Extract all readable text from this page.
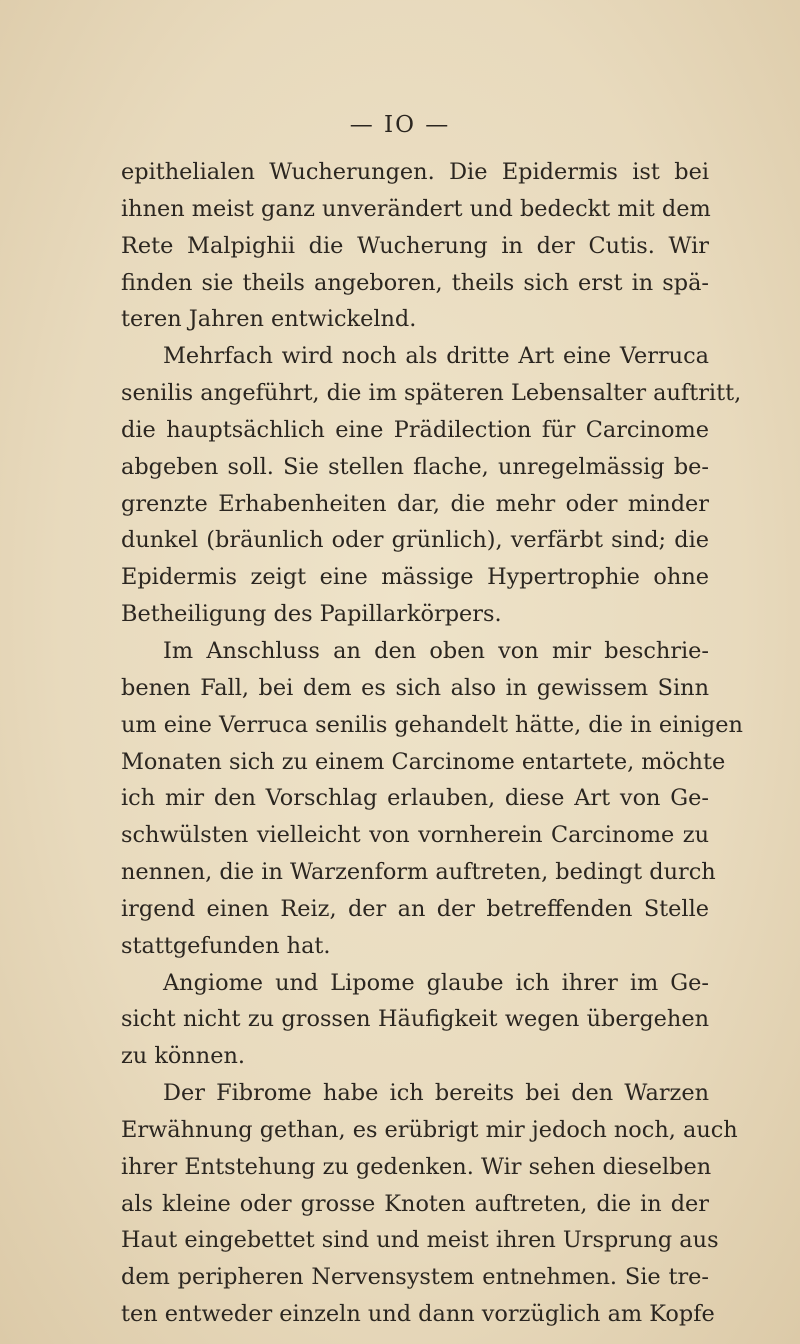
— IO —
epithelialen Wucherungen. Die Epidermis ist bei
ihnen meist ganz unverändert und bedeckt mit dem
Rete Malpighii die Wucherung in der Cutis. Wir
finden sie theils angeboren, theils sich erst in spä-
teren Jahren entwickelnd.
Mehrfach wird noch als dritte Art eine Verruca
senilis angeführt, die im späteren Lebensalter auftritt,
die hauptsächlich eine Prädilection für Carcinome
abgeben soll. Sie stellen flache, unregelmässig be-
grenzte Erhabenheiten dar, die mehr oder minder
dunkel (bräunlich oder grünlich), verfärbt sind; die
Epidermis zeigt eine mässige Hypertrophie ohne
Betheiligung des Papillarkörpers.
Im Anschluss an den oben von mir beschrie-
benen Fall, bei dem es sich also in gewissem Sinn
um eine Verruca senilis gehandelt hätte, die in einigen
Monaten sich zu einem Carcinome entartete, möchte
ich mir den Vorschlag erlauben, diese Art von Ge-
schwülsten vielleicht von vornherein Carcinome zu
nennen, die in Warzenform auftreten, bedingt durch
irgend einen Reiz, der an der betreffenden Stelle
stattgefunden hat.
Angiome und Lipome glaube ich ihrer im Ge-
sicht nicht zu grossen Häufigkeit wegen übergehen
zu können.
Der Fibrome habe ich bereits bei den Warzen
Erwähnung gethan, es erübrigt mir jedoch noch, auch
ihrer Entstehung zu gedenken. Wir sehen dieselben
als kleine oder grosse Knoten auftreten, die in der
Haut eingebettet sind und meist ihren Ursprung aus
dem peripheren Nervensystem entnehmen. Sie tre-
ten entweder einzeln und dann vorzüglich am Kopfe
